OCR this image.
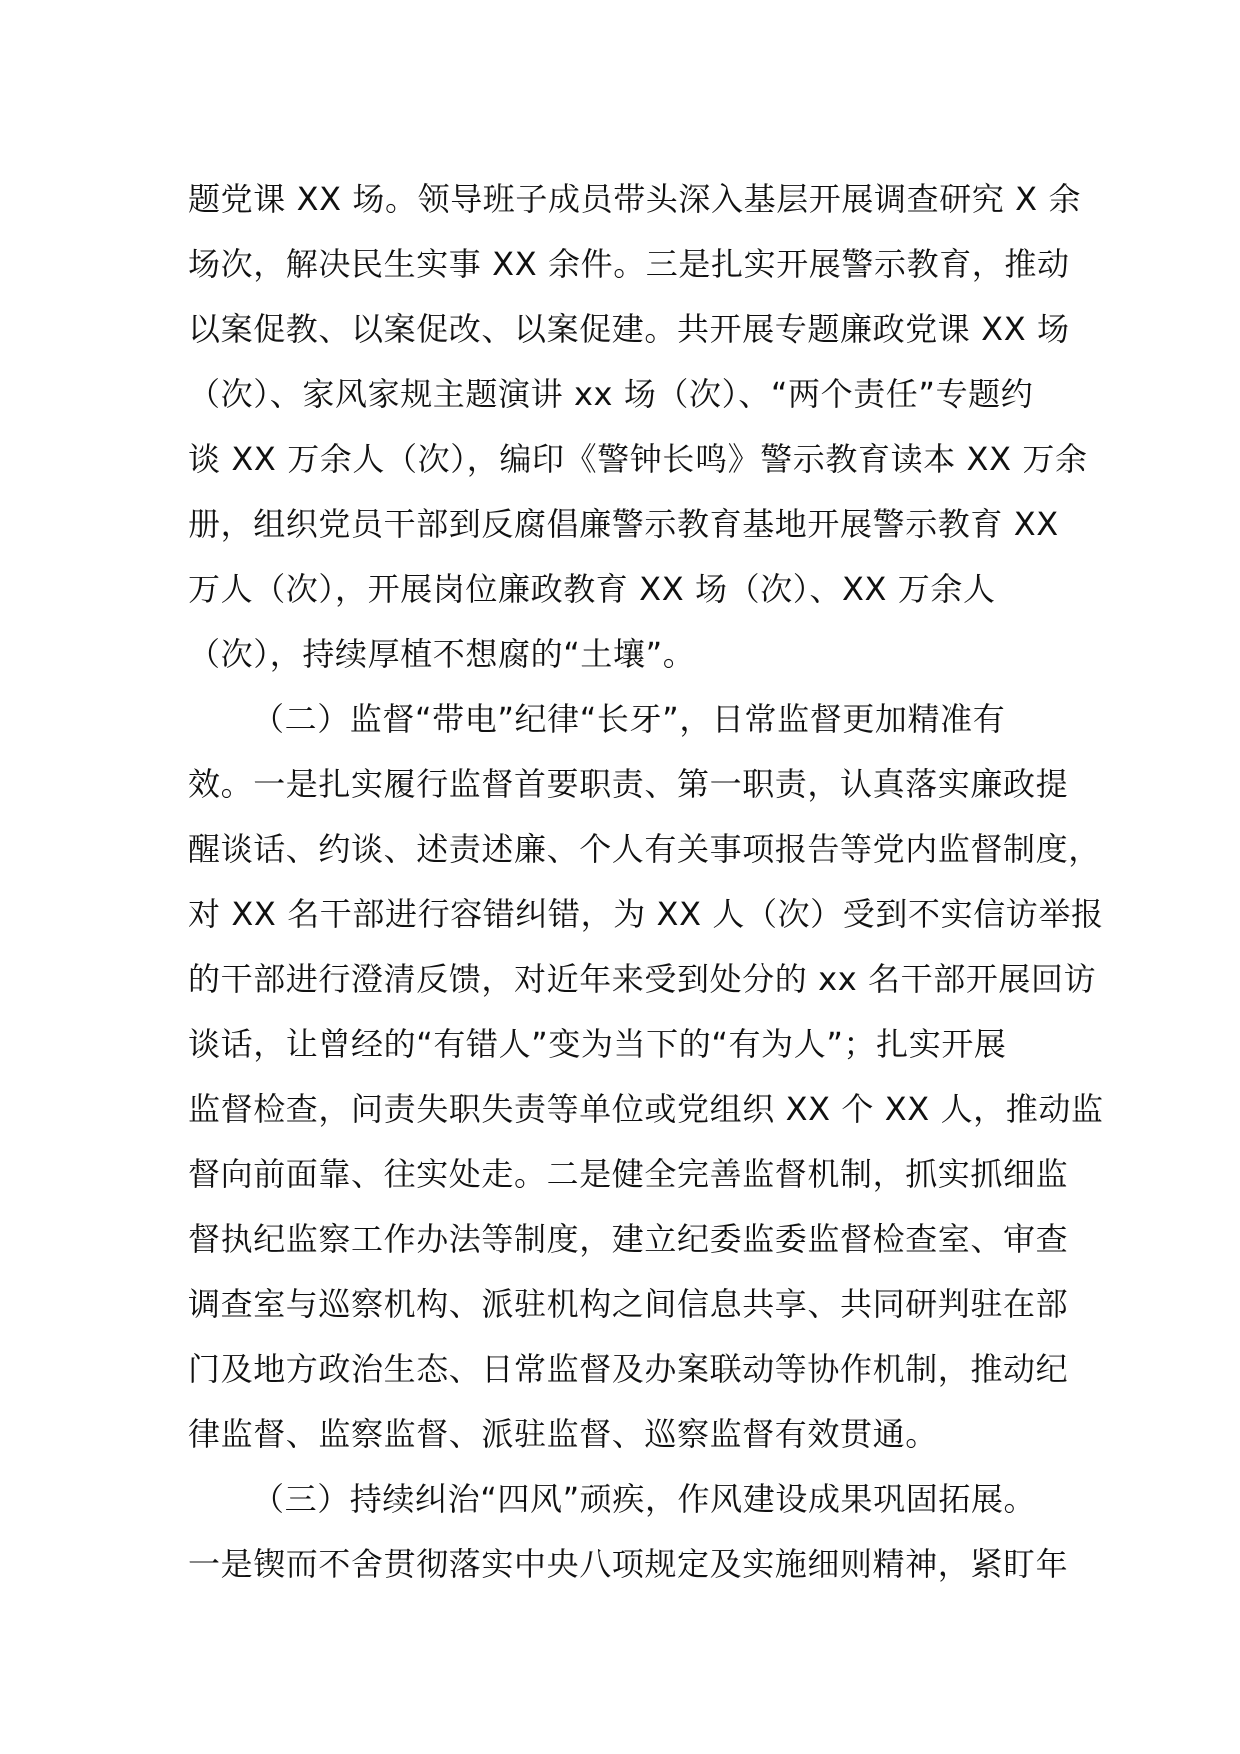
题党课 XX 场。领导班子成员带头深入基层开展调查研究 X 余
场次，解决民生实事 XX 余件。三是扎实开展警示教育，推动
以案促教、以案促改、以案促建。共开展专题廉政党课 XX 场
（次）、家风家规主题演讲 xx 场（次）、“两个责任”专题约
谈 XX 万余人（次），编印《警钟长鸣》警示教育读本 XX 万余
册，组织党员干部到反腐倡廉警示教育基地开展警示教育 XX
万人（次），开展岗位廉政教育 XX 场（次）、XX 万余人
（次），持续厚植不想腐的“土壤”。
（二）监督“带电”纪律“长牙”，日常监督更加精准有
效。一是扎实履行监督首要职责、第一职责，认真落实廉政提
醒谈话、约谈、述责述廉、个人有关事项报告等党内监督制度，
对 XX 名干部进行容错纠错，为 XX 人（次）受到不实信访举报
的干部进行澄清反馈，对近年来受到处分的 xx 名干部开展回访
谈话，让曾经的“有错人”变为当下的“有为人”；扎实开展
监督检查，问责失职失责等单位或党组织 XX 个 XX 人，推动监
督向前面靠、往实处走。二是健全完善监督机制，抓实抓细监
督执纪监察工作办法等制度，建立纪委监委监督检查室、审查
调查室与巡察机构、派驻机构之间信息共享、共同研判驻在部
门及地方政治生态、日常监督及办案联动等协作机制，推动纪
律监督、监察监督、派驻监督、巡察监督有效贯通。
（三）持续纠治“四风”顽疾，作风建设成果巩固拓展。
一是锲而不舍贯彻落实中央八项规定及实施细则精神，紧盯年
